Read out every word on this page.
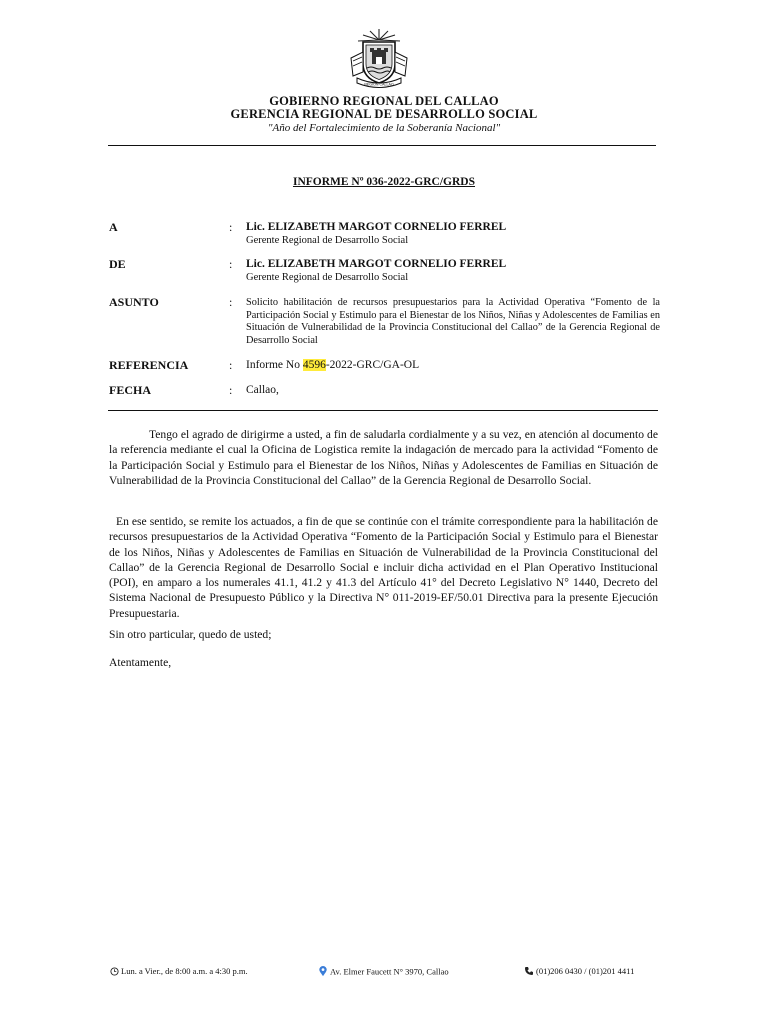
REGION CALLAO
GOBIERNO REGIONAL DEL CALLAO
GERENCIA REGIONAL DE DESARROLLO SOCIAL
"Año del Fortalecimiento de la Soberanía Nacional"
INFORME Nº 036-2022-GRC/GRDS
A	: Lic. ELIZABETH MARGOT CORNELIO FERREL
Gerente Regional de Desarrollo Social
DE	: Lic. ELIZABETH MARGOT CORNELIO FERREL
Gerente Regional de Desarrollo Social
ASUNTO	: Solicito habilitación de recursos presupuestarios para la Actividad Operativa “Fomento de la Participación Social y Estimulo para el Bienestar de los Niños, Niñas y Adolescentes de Familias en Situación de Vulnerabilidad de la Provincia Constitucional del Callao” de la Gerencia Regional de Desarrollo Social
REFERENCIA	: Informe No 4596-2022-GRC/GA-OL
FECHA	: Callao,
Tengo el agrado de dirigirme a usted, a fin de saludarla cordialmente y a su vez, en atención al documento de la referencia mediante el cual la Oficina de Logistica remite la indagación de mercado para la actividad “Fomento de la Participación Social y Estimulo para el Bienestar de los Niños, Niñas y Adolescentes de Familias en Situación de Vulnerabilidad de la Provincia Constitucional del Callao” de la Gerencia Regional de Desarrollo Social.
En ese sentido, se remite los actuados, a fin de que se continúe con el trámite correspondiente para la habilitación de recursos presupuestarios de la Actividad Operativa “Fomento de la Participación Social y Estimulo para el Bienestar de los Niños, Niñas y Adolescentes de Familias en Situación de Vulnerabilidad de la Provincia Constitucional del Callao” de la Gerencia Regional de Desarrollo Social e incluir dicha actividad en el Plan Operativo Institucional (POI), en amparo a los numerales 41.1, 41.2 y 41.3 del Artículo 41° del Decreto Legislativo N° 1440, Decreto del Sistema Nacional de Presupuesto Público y la Directiva N° 011-2019-EF/50.01 Directiva para la presente Ejecución Presupuestaria.
Sin otro particular, quedo de usted;
Atentamente,
Lun. a Vier., de 8:00 a.m. a 4:30 p.m.	Av. Elmer Faucett N° 3970, Callao	(01)206 0430 / (01)201 4411
